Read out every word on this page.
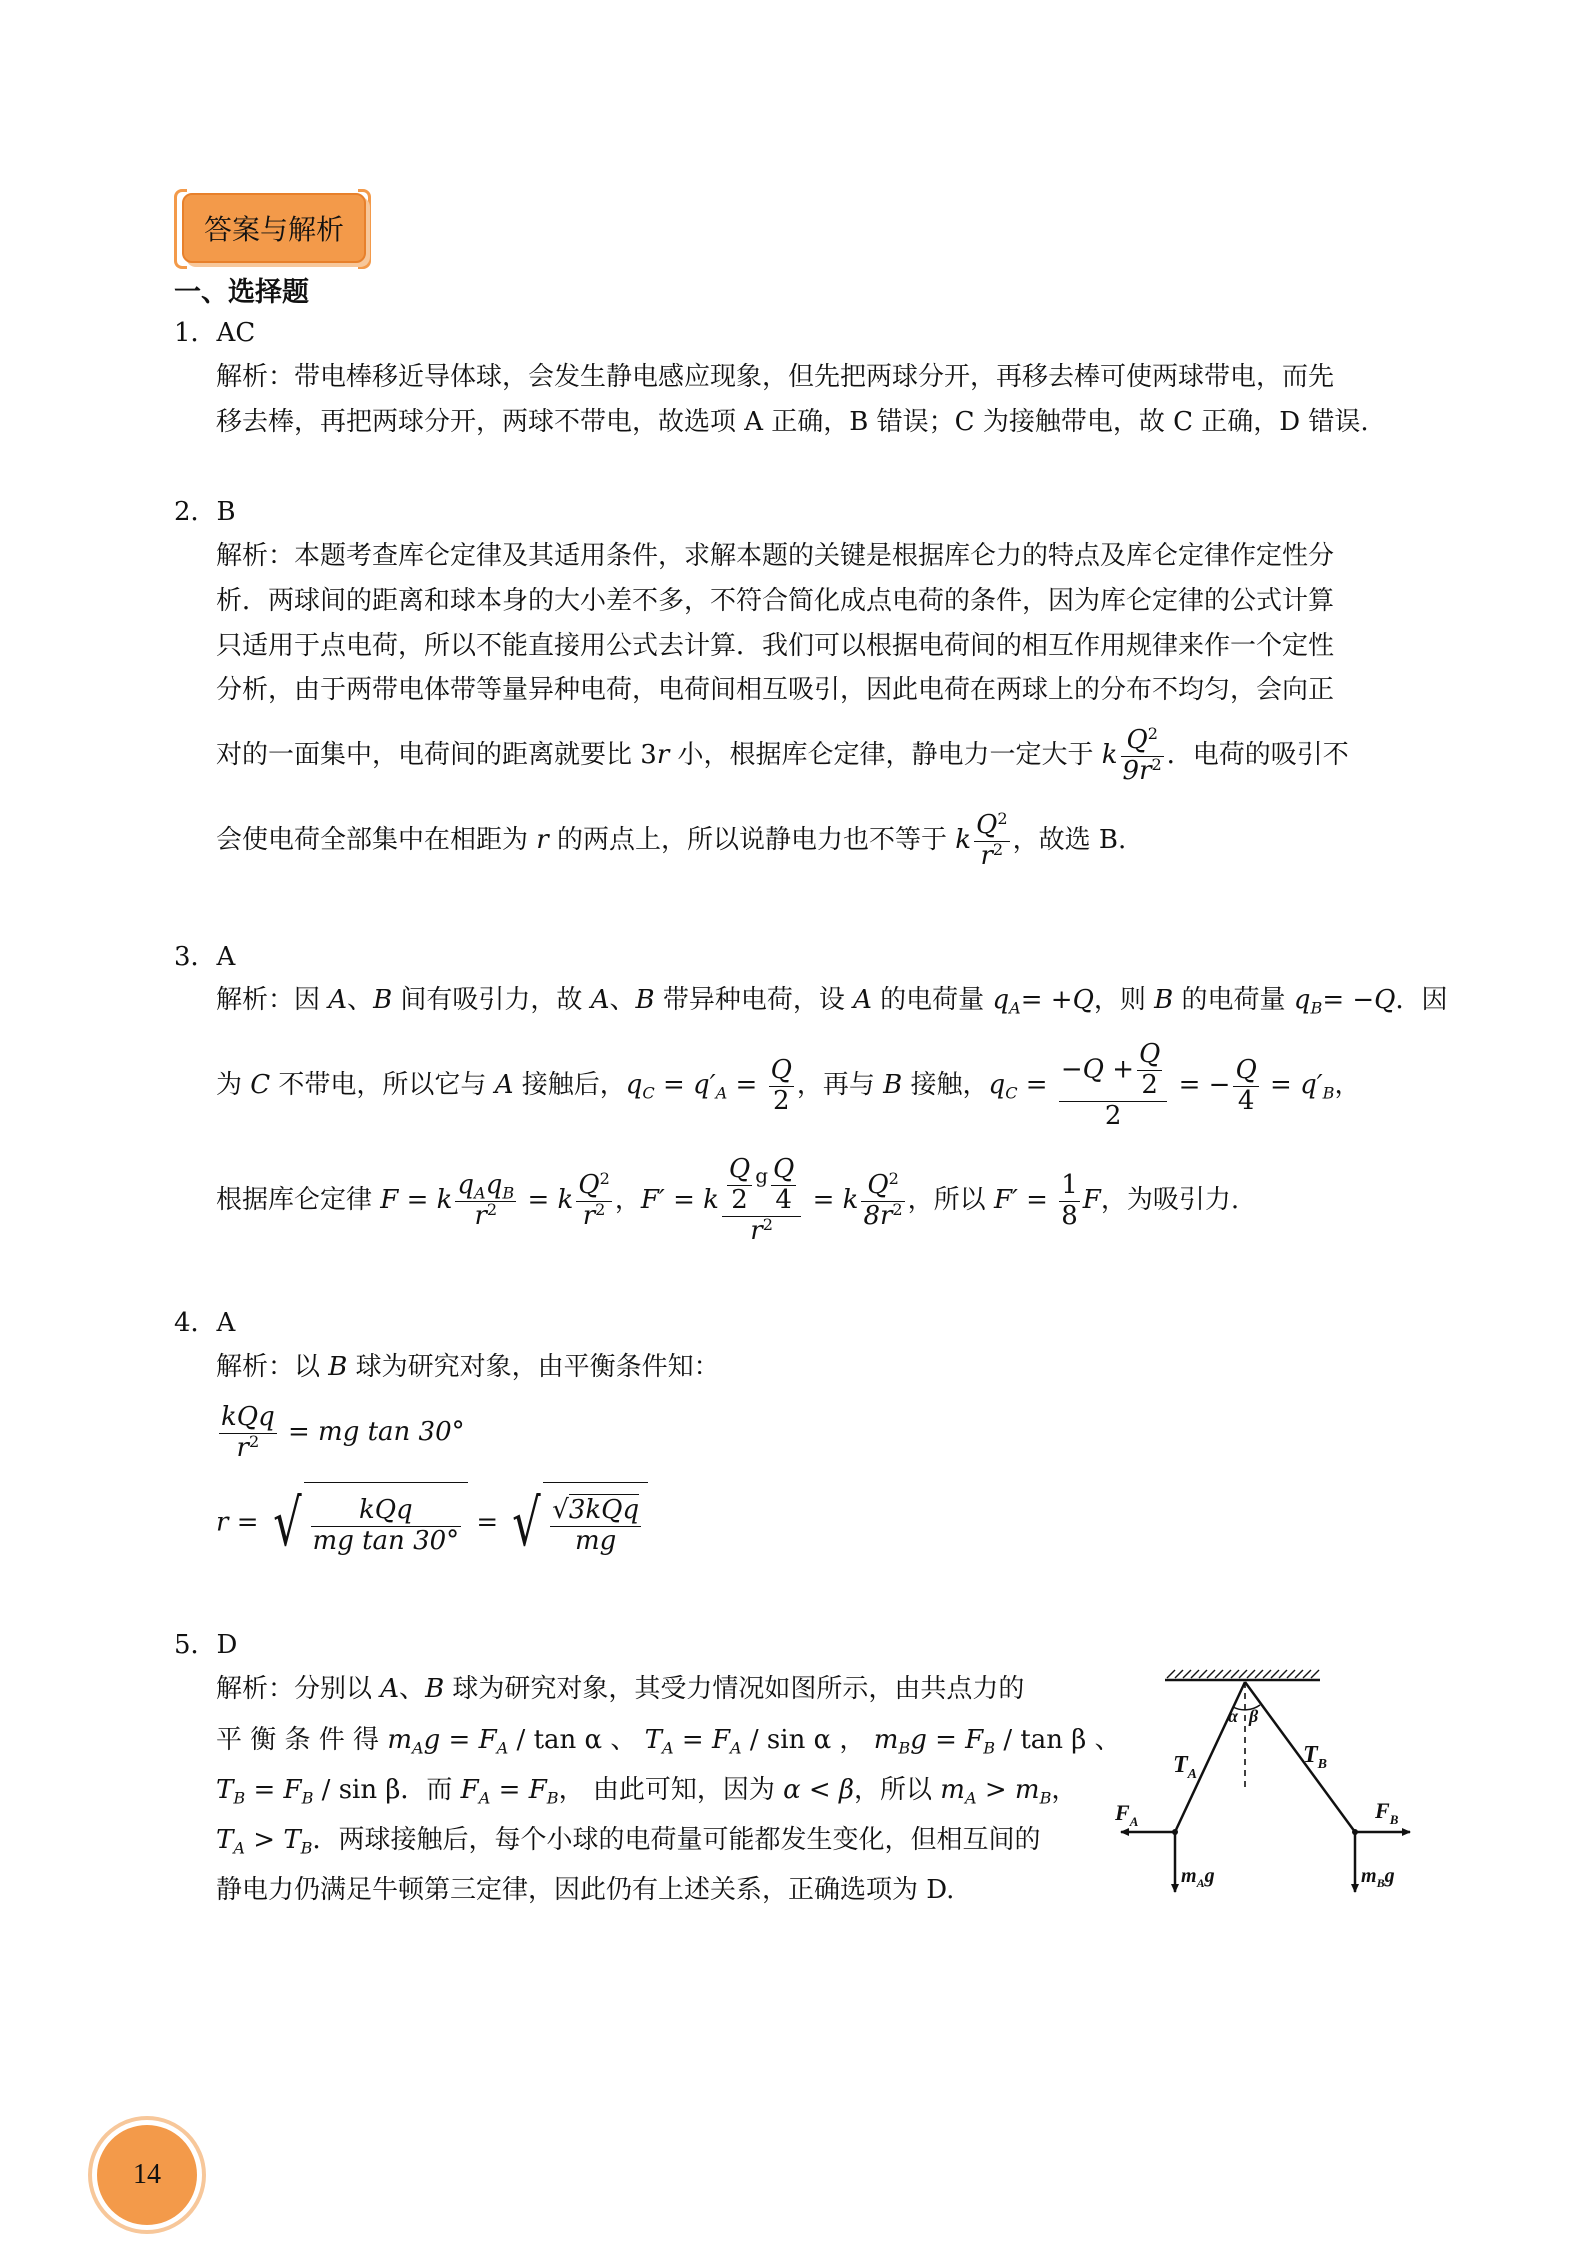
答案与解析
一、选择题
1．AC
解析：带电棒移近导体球，会发生静电感应现象，但先把两球分开，再移去棒可使两球带电，而先
移去棒，再把两球分开，两球不带电，故选项 A 正确，B 错误；C 为接触带电，故 C 正确，D 错误.
2．B
解析：本题考查库仑定律及其适用条件，求解本题的关键是根据库仑力的特点及库仑定律作定性分
析．两球间的距离和球本身的大小差不多，不符合简化成点电荷的条件，因为库仑定律的公式计算
只适用于点电荷，所以不能直接用公式去计算．我们可以根据电荷间的相互作用规律来作一个定性
分析，由于两带电体带等量异种电荷，电荷间相互吸引，因此电荷在两球上的分布不均匀，会向正
对的一面集中，电荷间的距离就要比 3r 小，根据库仑定律，静电力一定大于 k $\frac{Q^2}{9r^2}$ ．电荷的吸引不
会使电荷全部集中在相距为 r 的两点上，所以说静电力也不等于 k $\frac{Q^2}{r^2}$ ，故选 B.
3．A
解析：因 A、B 间有吸引力，故 A、B 带异种电荷，设 A 的电荷量 $q_A= +Q$，则 B 的电荷量 $q_B= -Q$．因
为 C 不带电，所以它与 A 接触后，$q_C = q'_A = \frac{Q}{2}$ ，再与 B 接触，$q_C = \frac{-Q + \frac{Q}{2}}{2}$ = − $\frac{Q}{4} = q'_B$，
根据库仑定律 F = k $\frac{q_Aq_B}{r^2} = k \frac{Q^2}{r^2}$ ，F′ = k $\frac{\frac{Q}{2} ^g \frac{Q}{4}}{r^2} = k \frac{Q^2}{8r^2}$ ，所以 $F' = \frac{1}{8}$ F，为吸引力.
4．A
解析：以 B 球为研究对象，由平衡条件知：
$\frac{\text{kQq}}{r^2}$ = mg tan 30°
r = √ $\frac{\text{kQq}}{\text{mg tan 30°}}$ = √ $\frac{\text{√3kQq}}{mg}$
5．D
解析：分别以 A、B 球为研究对象，其受力情况如图所示，由共点力的
平 衡 条 件 得 $m_Ag = F_A / \tan \alpha$ 、 $T_A = F_A / \sin \alpha$ ， $m_Bg = F_B / \tan \beta$ 、
$T_B = F_B / \sin \beta$．而 $F_A = F_B$， 由此可知，因为 α < β，所以 $m_A > m_B$，
$T_A > T_B$．两球接触后，每个小球的电荷量可能都发生变化，但相互间的
静电力仍满足牛顿第三定律，因此仍有上述关系，正确选项为 D.
$T_A$
$T_B$
$F_A$	$F_B$
$m_Ag$	$m_Bg$
α β
14
